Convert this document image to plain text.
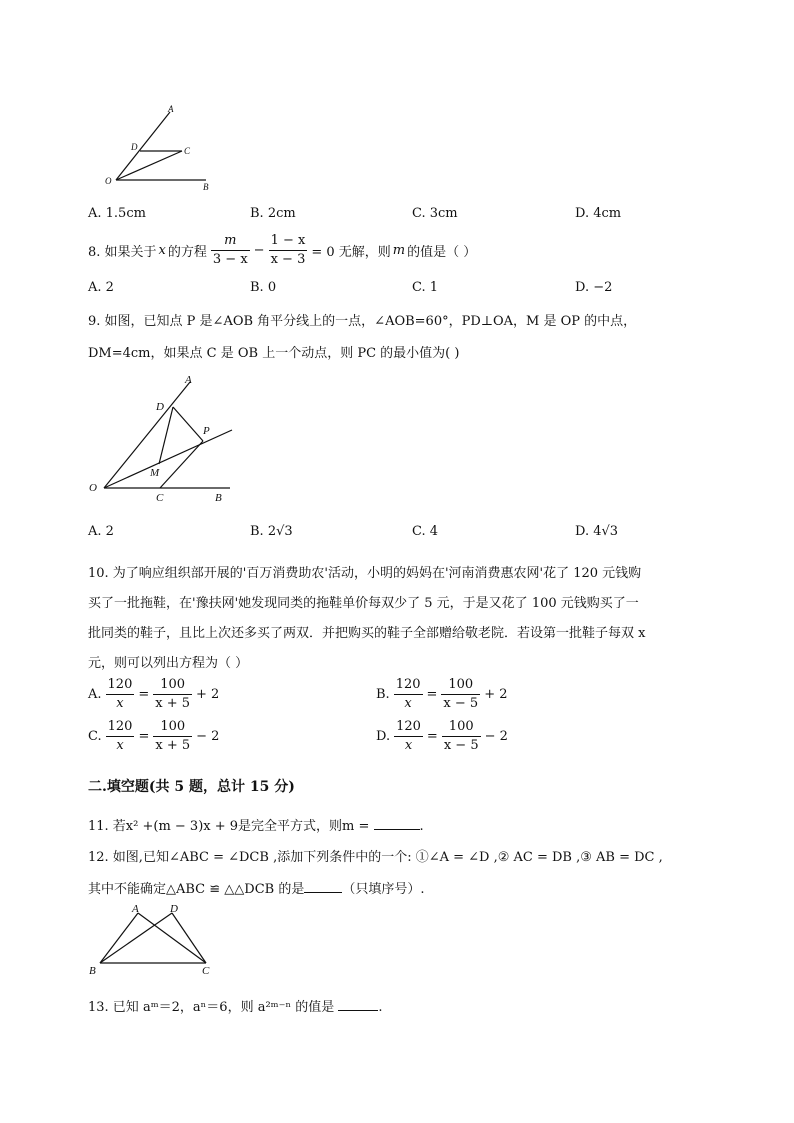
A
D	C
O
B
A. 1.5cm	B. 2cm	C. 3cm	D. 4cm
8. 如果关于 x 的方程 $\frac{m}{3 - x} - \frac{1 - x}{x - 3} = 0$ 无解，则 m 的值是（ ）
A. 2	B. 0	C. 1	D. −2
9. 如图，已知点 P 是∠AOB 角平分线上的一点，∠AOB=60°，PD⊥OA，M 是 OP 的中点，
DM=4cm，如果点 C 是 OB 上一个动点，则 PC 的最小值为( )
A
D
P
M
O
C	B
A. 2	B. 2√3	C. 4	D. 4√3
10. 为了响应组织部开展的'百万消费助农'活动，小明的妈妈在'河南消费惠农网'花了 120 元钱购
买了一批拖鞋，在'豫扶网'她发现同类的拖鞋单价每双少了 5 元，于是又花了 100 元钱购买了一
批同类的鞋子，且比上次还多买了两双．并把购买的鞋子全部赠给敬老院．若设第一批鞋子每双 x
元，则可以列出方程为（ ）
A. $\frac{120}{x} = \frac{100}{x + 5} + 2$	B. $\frac{120}{x} = \frac{100}{x - 5} + 2$
C. $\frac{120}{x} = \frac{100}{x + 5} - 2$	D. $\frac{120}{x} = \frac{100}{x - 5} - 2$
二.填空题(共 5 题，总计 15 分)
11. 若x² +(m − 3)x + 9是完全平方式，则m =	.
12. 如图,已知∠ABC = ∠DCB ,添加下列条件中的一个: ①∠A = ∠D ,② AC = DB ,③ AB = DC ,
其中不能确定△ABC ≌ △△DCB 的是	（只填序号）.
A	D
B	C
13. 已知 aᵐ＝2，aⁿ＝6，则 a²ᵐ⁻ⁿ 的值是	.
